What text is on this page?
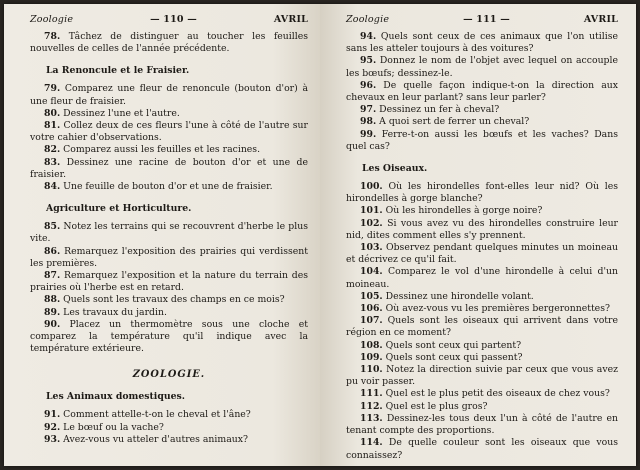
Zoologie	— 110 —	AVRIL

78. Tâchez de distinguer au toucher les feuilles nouvelles de celles de l'année précédente.

La Renoncule et le Fraisier.

79. Comparez une fleur de renoncule (bouton d'or) à une fleur de fraisier.

80. Dessinez l'une et l'autre.

81. Collez deux de ces fleurs l'une à côté de l'autre sur votre cahier d'observations.

82. Comparez aussi les feuilles et les racines.

83. Dessinez une racine de bouton d'or et une de fraisier.

84. Une feuille de bouton d'or et une de fraisier.

Agriculture et Horticulture.

85. Notez les terrains qui se recouvrent d'herbe le plus vite.

86. Remarquez l'exposition des prairies qui verdissent les premières.

87. Remarquez l'exposition et la nature du terrain des prairies où l'herbe est en retard.

88. Quels sont les travaux des champs en ce mois?

89. Les travaux du jardin.

90. Placez un thermomètre sous une cloche et comparez la température qu'il indique avec la température extérieure.

ZOOLOGIE.
Les Animaux domestiques.

91. Comment attelle-t-on le cheval et l'âne?

92. Le bœuf ou la vache?

93. Avez-vous vu atteler d'autres animaux?

Zoologie	— 111 —	AVRIL

94. Quels sont ceux de ces animaux que l'on utilise sans les atteler toujours à des voitures?

95. Donnez le nom de l'objet avec lequel on accouple les bœufs; dessinez-le.

96. De quelle façon indique-t-on la direction aux chevaux en leur parlant? sans leur parler?

97. Dessinez un fer à cheval?

98. A quoi sert de ferrer un cheval?

99. Ferre-t-on aussi les bœufs et les vaches? Dans quel cas?

Les Oiseaux.

100. Où les hirondelles font-elles leur nid? Où les hirondelles à gorge blanche?

101. Où les hirondelles à gorge noire?

102. Si vous avez vu des hirondelles construire leur nid, dites comment elles s'y prennent.

103. Observez pendant quelques minutes un moineau et décrivez ce qu'il fait.

104. Comparez le vol d'une hirondelle à celui d'un moineau.

105. Dessinez une hirondelle volant.

106. Où avez-vous vu les premières bergeronnettes?

107. Quels sont les oiseaux qui arrivent dans votre région en ce moment?

108. Quels sont ceux qui partent?

109. Quels sont ceux qui passent?

110. Notez la direction suivie par ceux que vous avez pu voir passer.

111. Quel est le plus petit des oiseaux de chez vous?

112. Quel est le plus gros?

113. Dessinez-les tous deux l'un à côté de l'autre en tenant compte des proportions.

114. De quelle couleur sont les oiseaux que vous connaissez?
